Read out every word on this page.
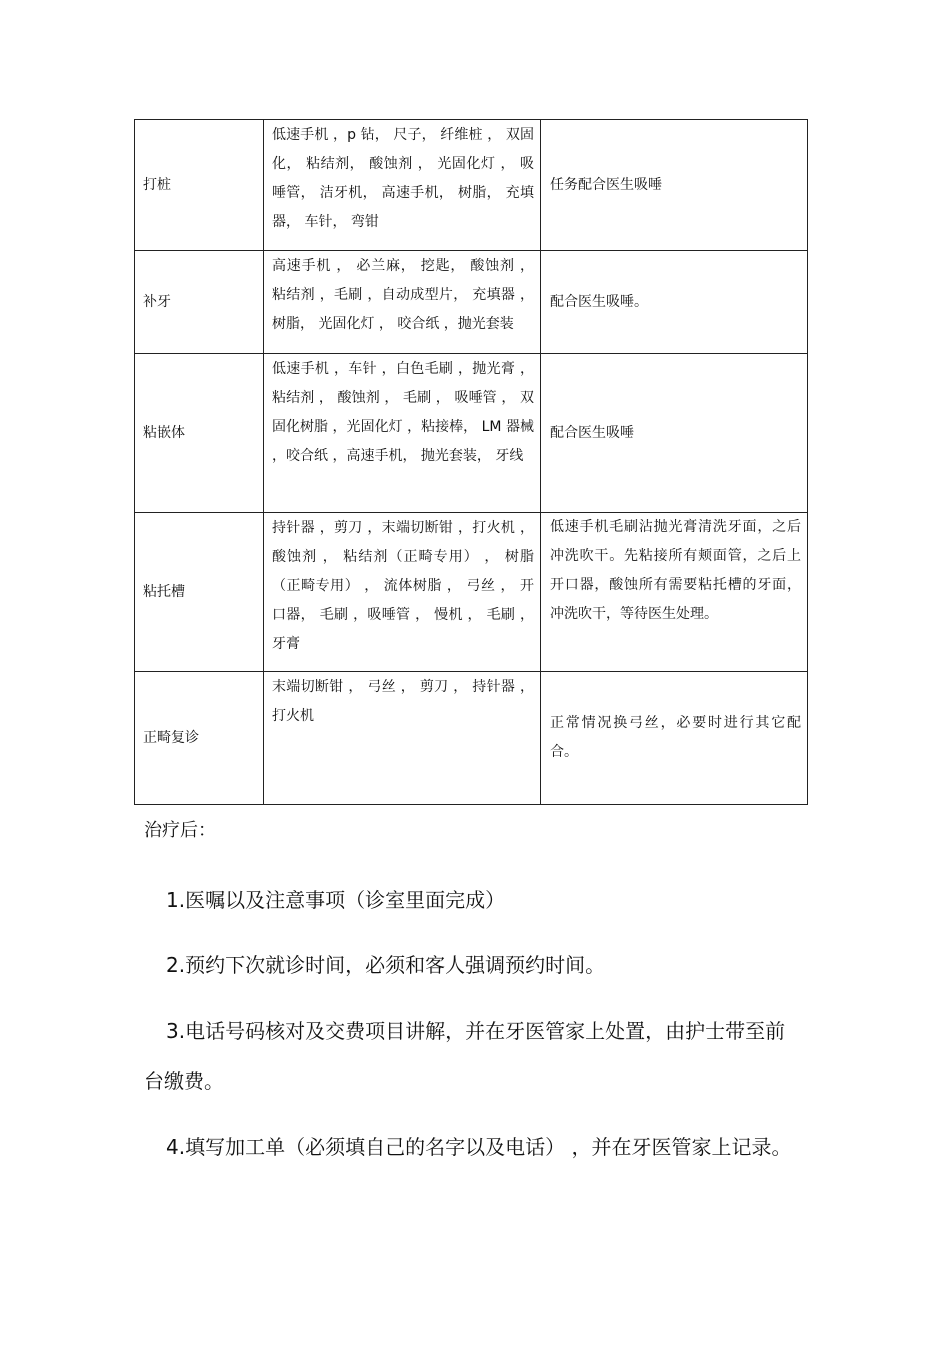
打桩	低速手机 ，p 钻， 尺子， 纤维桩 ， 双固化， 粘结剂， 酸蚀剂 ， 光固化灯 ， 吸唾管， 洁牙机， 高速手机， 树脂， 充填器， 车针， 弯钳	任务配合医生吸唾
补牙	高速手机 ， 必兰麻， 挖匙， 酸蚀剂 ， 粘结剂 ，毛刷 ，自动成型片， 充填器 ， 树脂， 光固化灯 ， 咬合纸 ，抛光套装	配合医生吸唾。
粘嵌体	低速手机 ，车针 ，白色毛刷 ，抛光膏 ， 粘结剂 ， 酸蚀剂 ， 毛刷 ， 吸唾管 ， 双固化树脂 ，光固化灯 ，粘接棒， LM 器械 ，咬合纸 ，高速手机， 抛光套装， 牙线	配合医生吸唾
粘托槽	持针器 ，剪刀 ，末端切断钳 ，打火机 ， 酸蚀剂 ， 粘结剂（正畸专用） ， 树脂（正畸专用） ， 流体树脂 ， 弓丝 ， 开口器， 毛刷 ，吸唾管 ， 慢机 ， 毛刷 ， 牙膏	低速手机毛刷沾抛光膏清洗牙面，之后冲洗吹干。先粘接所有颊面管，之后上开口器，酸蚀所有需要粘托槽的牙面，冲洗吹干，等待医生处理。
正畸复诊	末端切断钳 ， 弓丝 ， 剪刀 ， 持针器 ， 打火机	正常情况换弓丝，必要时进行其它配合。
治疗后：
1.医嘱以及注意事项（诊室里面完成）
2.预约下次就诊时间，必须和客人强调预约时间。
3.电话号码核对及交费项目讲解，并在牙医管家上处置，由护士带至前台缴费。
4.填写加工单（必须填自己的名字以及电话） ，并在牙医管家上记录。
